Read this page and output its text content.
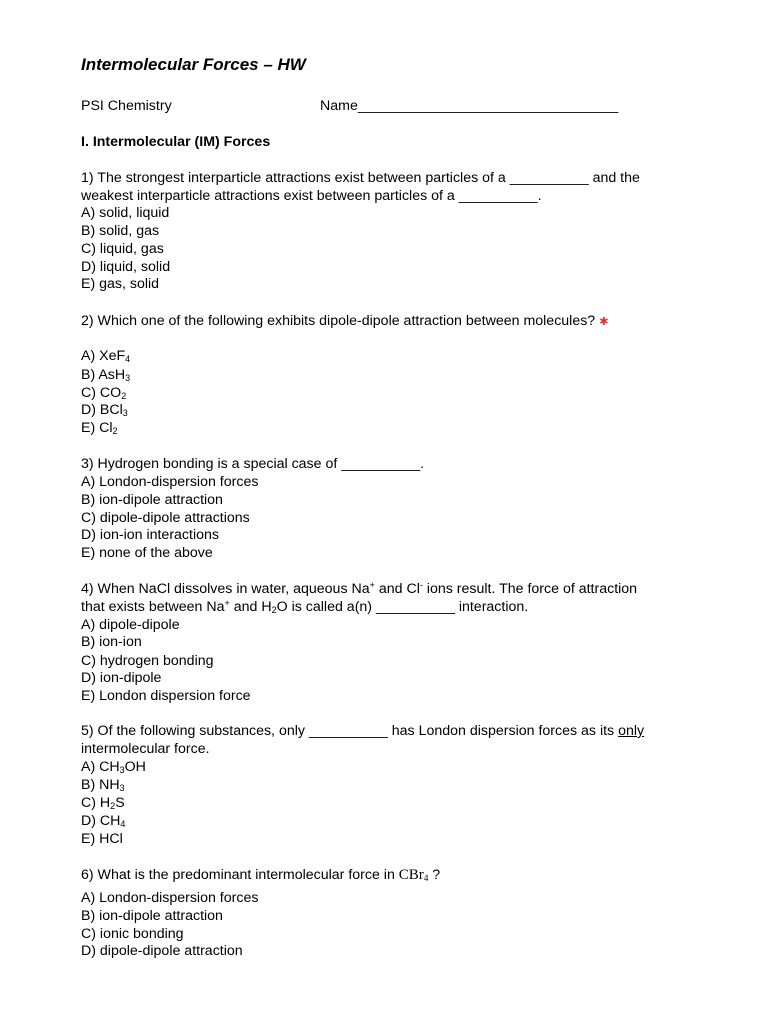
Intermolecular Forces – HW
PSI Chemistry	Name_________________________________
I. Intermolecular (IM) Forces
1) The strongest interparticle attractions exist between particles of a __________ and the
weakest interparticle attractions exist between particles of a __________.
A) solid, liquid
B) solid, gas
C) liquid, gas
D) liquid, solid
E) gas, solid
2) Which one of the following exhibits dipole-dipole attraction between molecules? ✱
A) XeF$_4$
B) AsH$_3$
C) $CO_2$
D) BCl$_3$
E) $Cl_2$
3) Hydrogen bonding is a special case of __________.
A) London-dispersion forces
B) ion-dipole attraction
C) dipole-dipole attractions
D) ion-ion interactions
E) none of the above
4) When NaCl dissolves in water, aqueous Na+ and Cl- ions result. The force of attraction
that exists between Na+ and $H_2O$ is called a(n) __________ interaction.
A) dipole-dipole
B) ion-ion
C) hydrogen bonding
D) ion-dipole
E) London dispersion force
5) Of the following substances, only __________ has London dispersion forces as its only
intermolecular force.
A) $CH_3OH$
B) $NH_3$
C) $H_2S$
D) $CH_4$
E) HCl
6) What is the predominant intermolecular force in CBr$_4$ ?
A) London-dispersion forces
B) ion-dipole attraction
C) ionic bonding
D) dipole-dipole attraction
